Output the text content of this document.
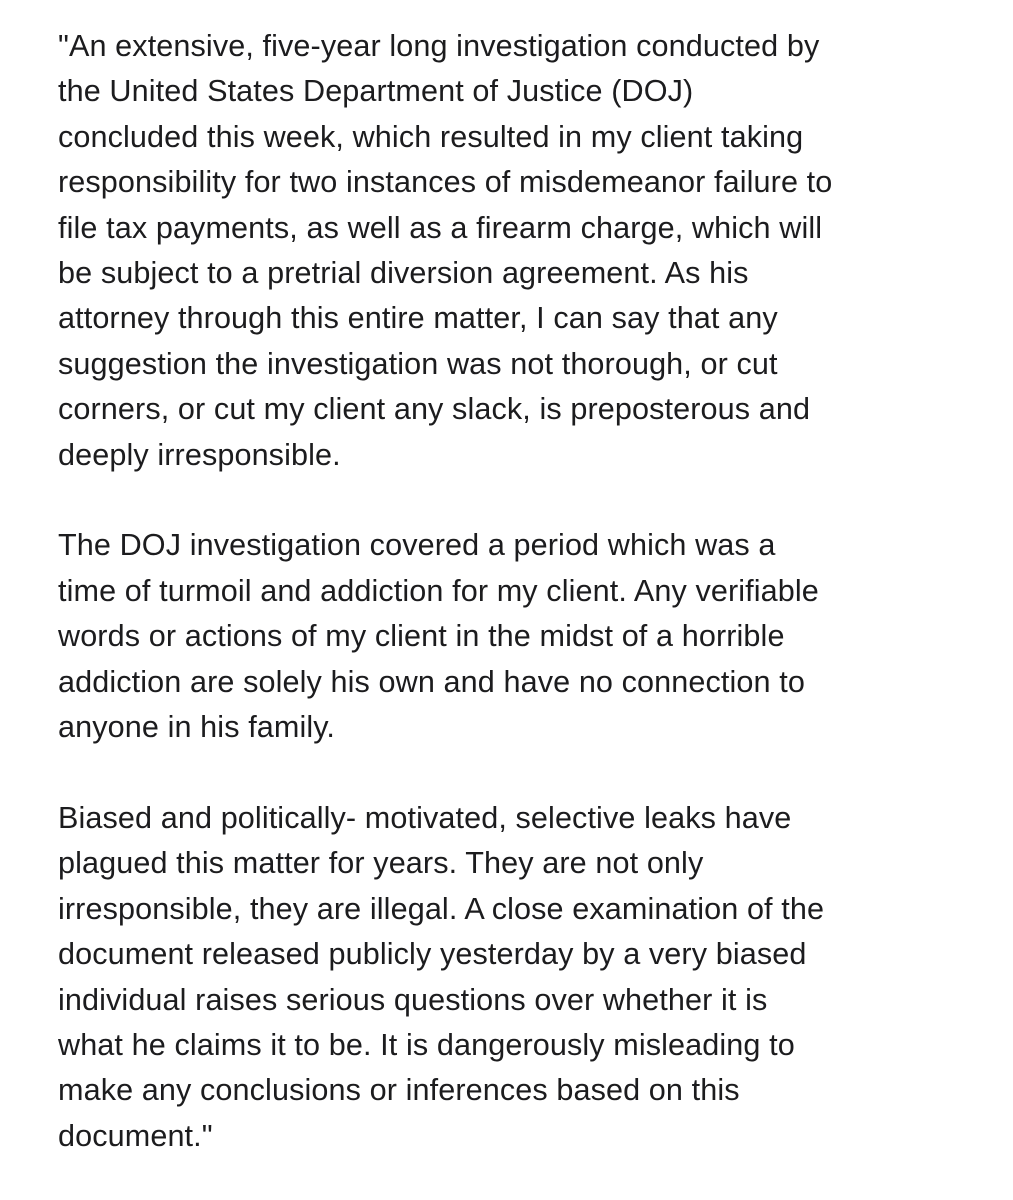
"An extensive, five-year long investigation conducted by
the United States Department of Justice (DOJ)
concluded this week, which resulted in my client taking
responsibility for two instances of misdemeanor failure to
file tax payments, as well as a firearm charge, which will
be subject to a pretrial diversion agreement. As his
attorney through this entire matter, I can say that any
suggestion the investigation was not thorough, or cut
corners, or cut my client any slack, is preposterous and
deeply irresponsible.

The DOJ investigation covered a period which was a
time of turmoil and addiction for my client. Any verifiable
words or actions of my client in the midst of a horrible
addiction are solely his own and have no connection to
anyone in his family.

Biased and politically- motivated, selective leaks have
plagued this matter for years. They are not only
irresponsible, they are illegal. A close examination of the
document released publicly yesterday by a very biased
individual raises serious questions over whether it is
what he claims it to be. It is dangerously misleading to
make any conclusions or inferences based on this
document."
